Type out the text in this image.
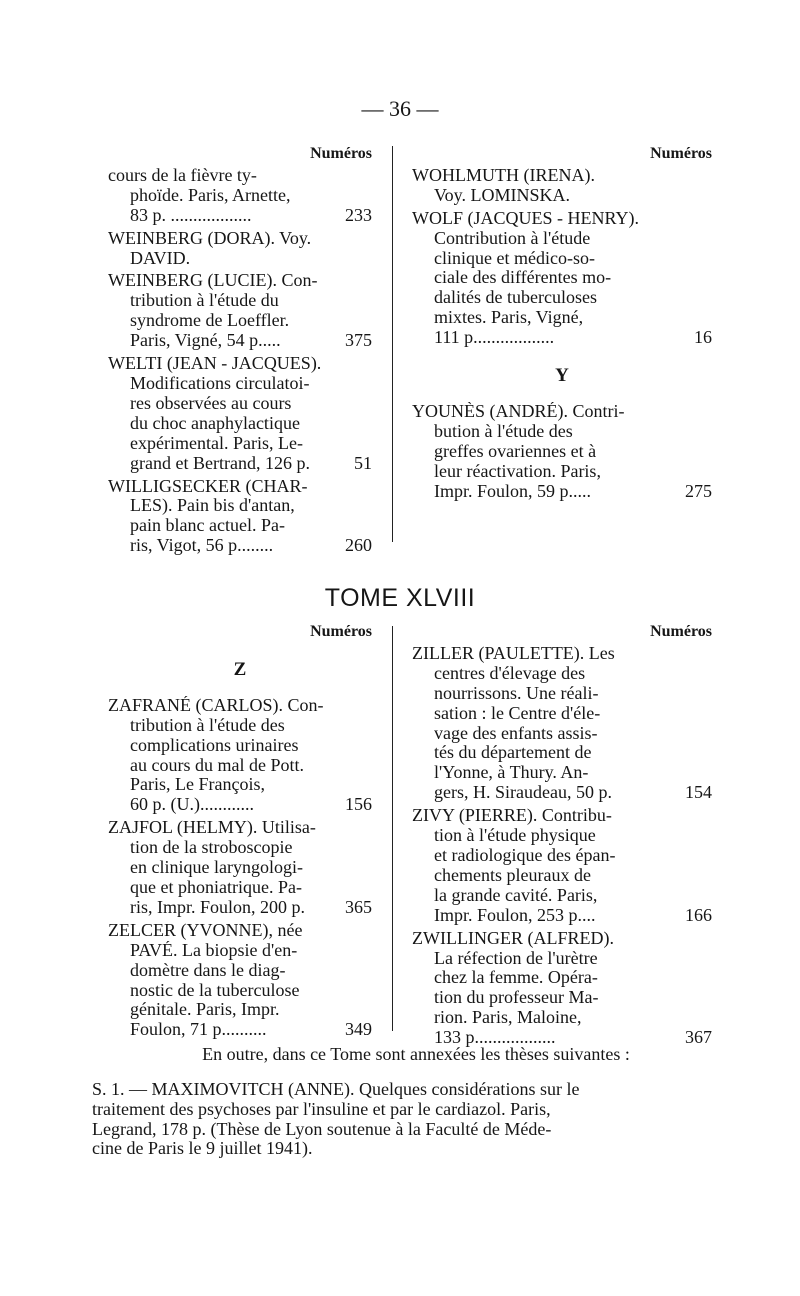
— 36 —
Numéros
cours de la fièvre ty-
phoïde. Paris, Arnette,
83 p. ..................	233
WEINBERG (DORA). Voy.
DAVID.
WEINBERG (LUCIE). Con-
tribution à l'étude du
syndrome de Loeffler.
Paris, Vigné, 54 p.....	375
WELTI (JEAN - JACQUES).
Modifications circulatoi-
res observées au cours
du choc anaphylactique
expérimental. Paris, Le-
grand et Bertrand, 126 p. 51
WILLIGSECKER (CHAR-
LES). Pain bis d'antan,
pain blanc actuel. Pa-
ris, Vigot, 56 p........	260
Numéros
WOHLMUTH (IRENA).
Voy. LOMINSKA.
WOLF (JACQUES - HENRY).
Contribution à l'étude
clinique et médico-so-
ciale des différentes mo-
dalités de tuberculoses
mixtes. Paris, Vigné,
111 p..................	16
Y
YOUNÈS (ANDRÉ). Contri-
bution à l'étude des
greffes ovariennes et à
leur réactivation. Paris,
Impr. Foulon, 59 p.....	275
TOME XLVIII
Numéros
Z
ZAFRANÉ (CARLOS). Con-
tribution à l'étude des
complications urinaires
au cours du mal de Pott.
Paris, Le François,
60 p. (U.)............	156
ZAJFOL (HELMY). Utilisa-
tion de la stroboscopie
en clinique laryngologi-
que et phoniatrique. Pa-
ris, Impr. Foulon, 200 p. 365
ZELCER (YVONNE), née
PAVÉ. La biopsie d'en-
domètre dans le diag-
nostic de la tuberculose
génitale. Paris, Impr.
Foulon, 71 p..........	349
Numéros
ZILLER (PAULETTE). Les
centres d'élevage des
nourrissons. Une réali-
sation : le Centre d'éle-
vage des enfants assis-
tés du département de
l'Yonne, à Thury. An-
gers, H. Siraudeau, 50 p.	154
ZIVY (PIERRE). Contribu-
tion à l'étude physique
et radiologique des épan-
chements pleuraux de
la grande cavité. Paris,
Impr. Foulon, 253 p....	166
ZWILLINGER (ALFRED).
La réfection de l'urètre
chez la femme. Opéra-
tion du professeur Ma-
rion. Paris, Maloine,
133 p..................	367
En outre, dans ce Tome sont annexées les thèses suivantes :
S. 1. — MAXIMOVITCH (ANNE). Quelques considérations sur le
traitement des psychoses par l'insuline et par le cardiazol. Paris,
Legrand, 178 p. (Thèse de Lyon soutenue à la Faculté de Méde-
cine de Paris le 9 juillet 1941).
